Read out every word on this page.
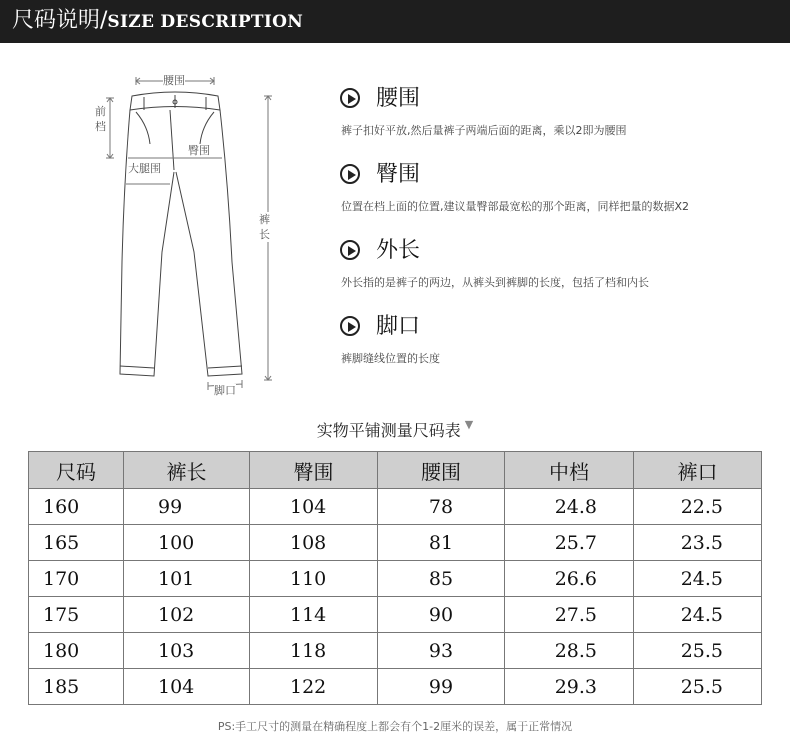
尺码说明/SIZE DESCRIPTION
腰围
前
档
臀围
大腿围
裤
长
脚口
腰围
裤子扣好平放,然后量裤子两端后面的距离，乘以2即为腰围
臀围
位置在档上面的位置,建议量臀部最宽松的那个距离，同样把量的数据X2
外长
外长指的是裤子的两边，从裤头到裤脚的长度，包括了档和内长
脚口
裤脚缝线位置的长度
实物平铺测量尺码表 ▼
尺码	裤长	臀围	腰围	中档	裤口
160	99	104	78	24.8	22.5
165	100	108	81	25.7	23.5
170	101	110	85	26.6	24.5
175	102	114	90	27.5	24.5
180	103	118	93	28.5	25.5
185	104	122	99	29.3	25.5
PS:手工尺寸的测量在精确程度上都会有个1-2厘米的误差，属于正常情况
